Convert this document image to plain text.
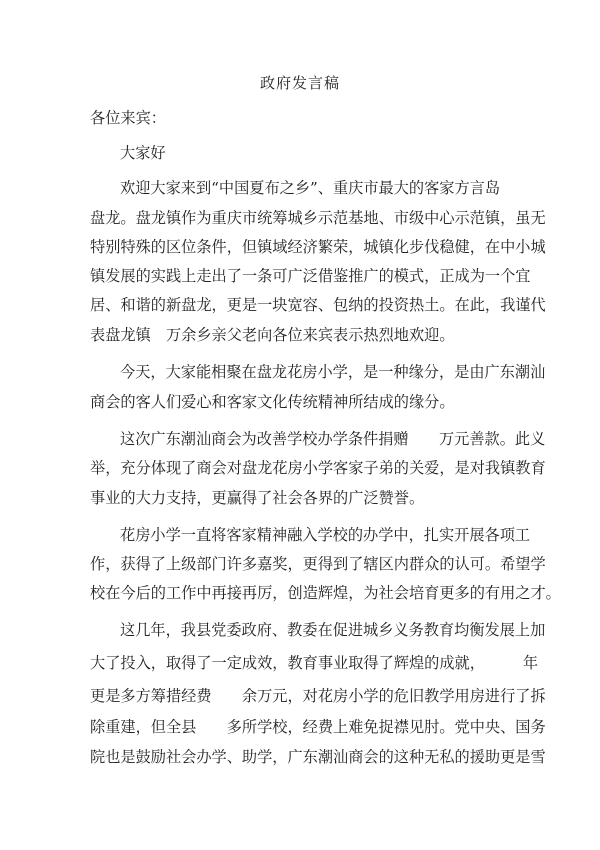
政府发言稿
各位来宾：
大家好
欢迎大家来到“中国夏布之乡”、重庆市最大的客家方言岛
盘龙。盘龙镇作为重庆市统筹城乡示范基地、市级中心示范镇，虽无
特别特殊的区位条件，但镇域经济繁荣，城镇化步伐稳健，在中小城
镇发展的实践上走出了一条可广泛借鉴推广的模式，正成为一个宜
居、和谐的新盘龙，更是一块宽容、包纳的投资热土。在此，我谨代
表盘龙镇　万余乡亲父老向各位来宾表示热烈地欢迎。
今天，大家能相聚在盘龙花房小学，是一种缘分，是由广东潮汕
商会的客人们爱心和客家文化传统精神所结成的缘分。
这次广东潮汕商会为改善学校办学条件捐赠　　万元善款。此义
举，充分体现了商会对盘龙花房小学客家子弟的关爱，是对我镇教育
事业的大力支持，更赢得了社会各界的广泛赞誉。
花房小学一直将客家精神融入学校的办学中，扎实开展各项工
作，获得了上级部门许多嘉奖，更得到了辖区内群众的认可。希望学
校在今后的工作中再接再厉，创造辉煌，为社会培育更多的有用之才。
这几年，我县党委政府、教委在促进城乡义务教育均衡发展上加
大了投入，取得了一定成效，教育事业取得了辉煌的成就，　　　年
更是多方筹措经费　　余万元，对花房小学的危旧教学用房进行了拆
除重建，但全县　　多所学校，经费上难免捉襟见肘。党中央、国务
院也是鼓励社会办学、助学，广东潮汕商会的这种无私的援助更是雪
